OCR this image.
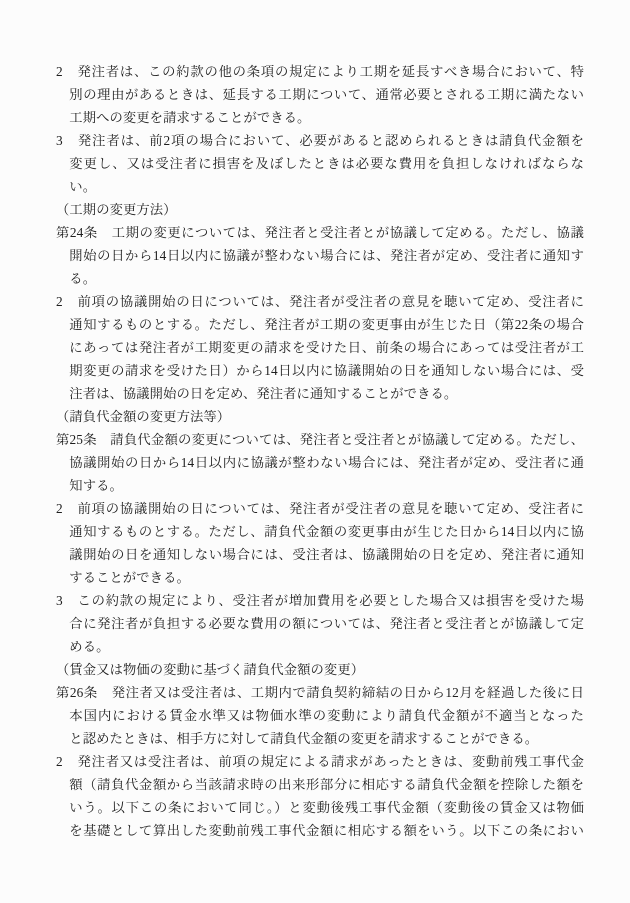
2　発注者は、この約款の他の条項の規定により工期を延長すべき場合において、特
別の理由があるときは、延長する工期について、通常必要とされる工期に満たない
工期への変更を請求することができる。
3　発注者は、前2項の場合において、必要があると認められるときは請負代金額を
変更し、又は受注者に損害を及ぼしたときは必要な費用を負担しなければならな
い。
（工期の変更方法）
第24条　工期の変更については、発注者と受注者とが協議して定める。ただし、協議
開始の日から14日以内に協議が整わない場合には、発注者が定め、受注者に通知す
る。
2　前項の協議開始の日については、発注者が受注者の意見を聴いて定め、受注者に
通知するものとする。ただし、発注者が工期の変更事由が生じた日（第22条の場合
にあっては発注者が工期変更の請求を受けた日、前条の場合にあっては受注者が工
期変更の請求を受けた日）から14日以内に協議開始の日を通知しない場合には、受
注者は、協議開始の日を定め、発注者に通知することができる。
（請負代金額の変更方法等）
第25条　請負代金額の変更については、発注者と受注者とが協議して定める。ただし、
協議開始の日から14日以内に協議が整わない場合には、発注者が定め、受注者に通
知する。
2　前項の協議開始の日については、発注者が受注者の意見を聴いて定め、受注者に
通知するものとする。ただし、請負代金額の変更事由が生じた日から14日以内に協
議開始の日を通知しない場合には、受注者は、協議開始の日を定め、発注者に通知
することができる。
3　この約款の規定により、受注者が増加費用を必要とした場合又は損害を受けた場
合に発注者が負担する必要な費用の額については、発注者と受注者とが協議して定
める。
（賃金又は物価の変動に基づく請負代金額の変更）
第26条　発注者又は受注者は、工期内で請負契約締結の日から12月を経過した後に日
本国内における賃金水準又は物価水準の変動により請負代金額が不適当となった
と認めたときは、相手方に対して請負代金額の変更を請求することができる。
2　発注者又は受注者は、前項の規定による請求があったときは、変動前残工事代金
額（請負代金額から当該請求時の出来形部分に相応する請負代金額を控除した額を
いう。以下この条において同じ。）と変動後残工事代金額（変動後の賃金又は物価
を基礎として算出した変動前残工事代金額に相応する額をいう。以下この条におい
